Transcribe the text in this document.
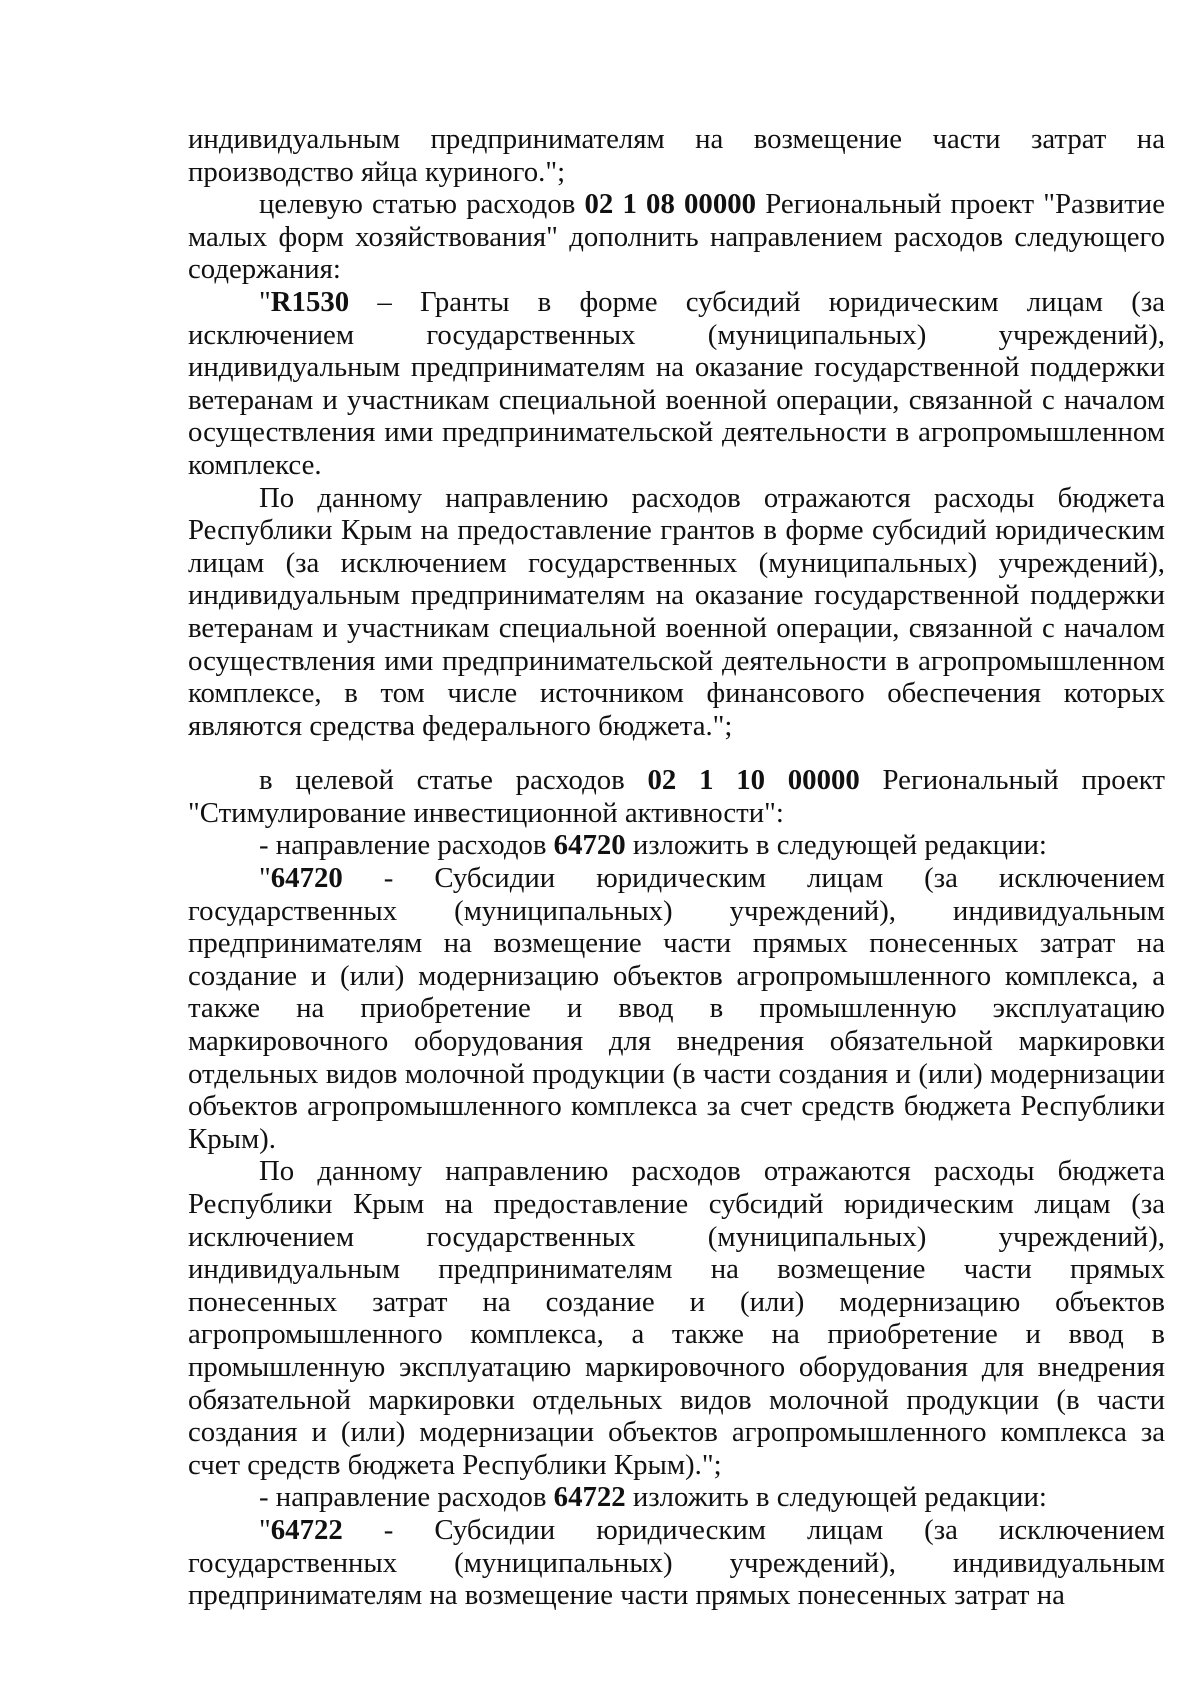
индивидуальным предпринимателям на возмещение части затрат на производство яйца куриного.";

целевую статью расходов 02 1 08 00000 Региональный проект "Развитие малых форм хозяйствования" дополнить направлением расходов следующего содержания:

"R1530 – Гранты в форме субсидий юридическим лицам (за исключением государственных (муниципальных) учреждений), индивидуальным предпринимателям на оказание государственной поддержки ветеранам и участникам специальной военной операции, связанной с началом осуществления ими предпринимательской деятельности в агропромышленном комплексе.

По данному направлению расходов отражаются расходы бюджета Республики Крым на предоставление грантов в форме субсидий юридическим лицам (за исключением государственных (муниципальных) учреждений), индивидуальным предпринимателям на оказание государственной поддержки ветеранам и участникам специальной военной операции, связанной с началом осуществления ими предпринимательской деятельности в агропромышленном комплексе, в том числе источником финансового обеспечения которых являются средства федерального бюджета.";

в целевой статье расходов 02 1 10 00000 Региональный проект "Стимулирование инвестиционной активности":

- направление расходов 64720 изложить в следующей редакции:

"64720 - Субсидии юридическим лицам (за исключением государственных (муниципальных) учреждений), индивидуальным предпринимателям на возмещение части прямых понесенных затрат на создание и (или) модернизацию объектов агропромышленного комплекса, а также на приобретение и ввод в промышленную эксплуатацию маркировочного оборудования для внедрения обязательной маркировки отдельных видов молочной продукции (в части создания и (или) модернизации объектов агропромышленного комплекса за счет средств бюджета Республики Крым).

По данному направлению расходов отражаются расходы бюджета Республики Крым на предоставление субсидий юридическим лицам (за исключением государственных (муниципальных) учреждений), индивидуальным предпринимателям на возмещение части прямых понесенных затрат на создание и (или) модернизацию объектов агропромышленного комплекса, а также на приобретение и ввод в промышленную эксплуатацию маркировочного оборудования для внедрения обязательной маркировки отдельных видов молочной продукции (в части создания и (или) модернизации объектов агропромышленного комплекса за счет средств бюджета Республики Крым).";

- направление расходов 64722 изложить в следующей редакции:

"64722 - Субсидии юридическим лицам (за исключением государственных (муниципальных) учреждений), индивидуальным предпринимателям на возмещение части прямых понесенных затрат на
